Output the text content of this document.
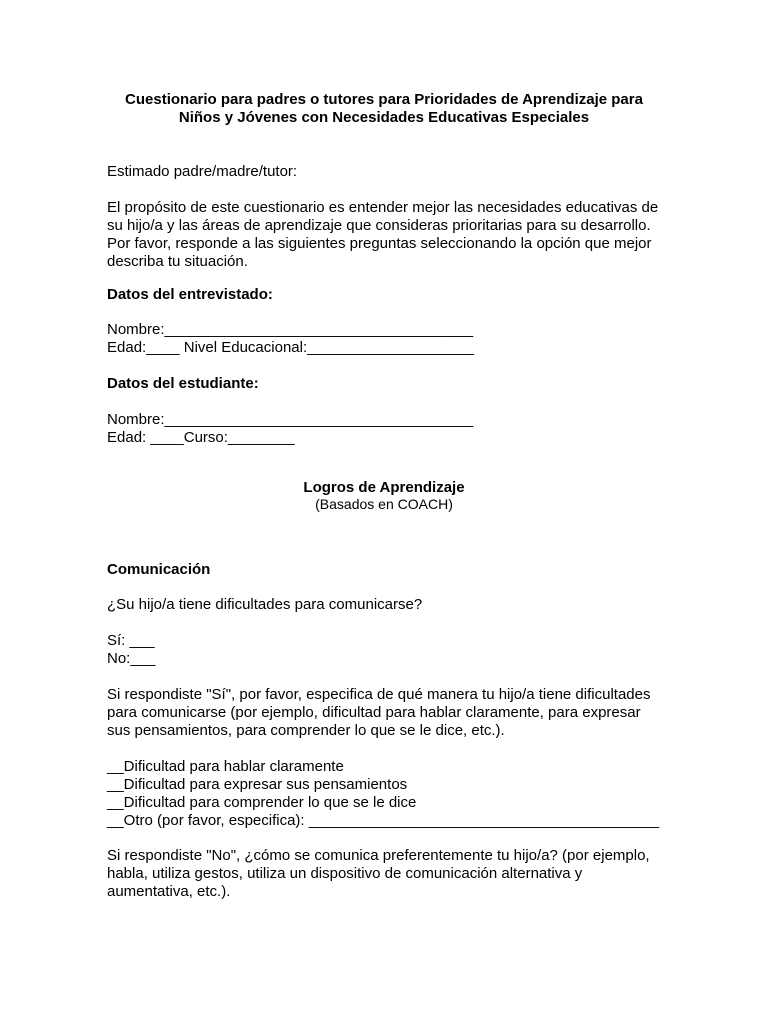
Cuestionario para padres o tutores para Prioridades de Aprendizaje para
Niños y Jóvenes con Necesidades Educativas Especiales
Estimado padre/madre/tutor:
El propósito de este cuestionario es entender mejor las necesidades educativas de
su hijo/a y las áreas de aprendizaje que consideras prioritarias para su desarrollo.
Por favor, responde a las siguientes preguntas seleccionando la opción que mejor
describa tu situación.
Datos del entrevistado:
Nombre:_____________________________________
Edad:____ Nivel Educacional:____________________
Datos del estudiante:
Nombre:_____________________________________
Edad: ____Curso:________
Logros de Aprendizaje
(Basados en COACH)
Comunicación
¿Su hijo/a tiene dificultades para comunicarse?
Sí: ___
No:___
Si respondiste "Sí", por favor, especifica de qué manera tu hijo/a tiene dificultades
para comunicarse (por ejemplo, dificultad para hablar claramente, para expresar
sus pensamientos, para comprender lo que se le dice, etc.).
__Dificultad para hablar claramente
__Dificultad para expresar sus pensamientos
__Dificultad para comprender lo que se le dice
__Otro (por favor, especifica): __________________________________________
Si respondiste "No", ¿cómo se comunica preferentemente tu hijo/a? (por ejemplo,
habla, utiliza gestos, utiliza un dispositivo de comunicación alternativa y
aumentativa, etc.).
